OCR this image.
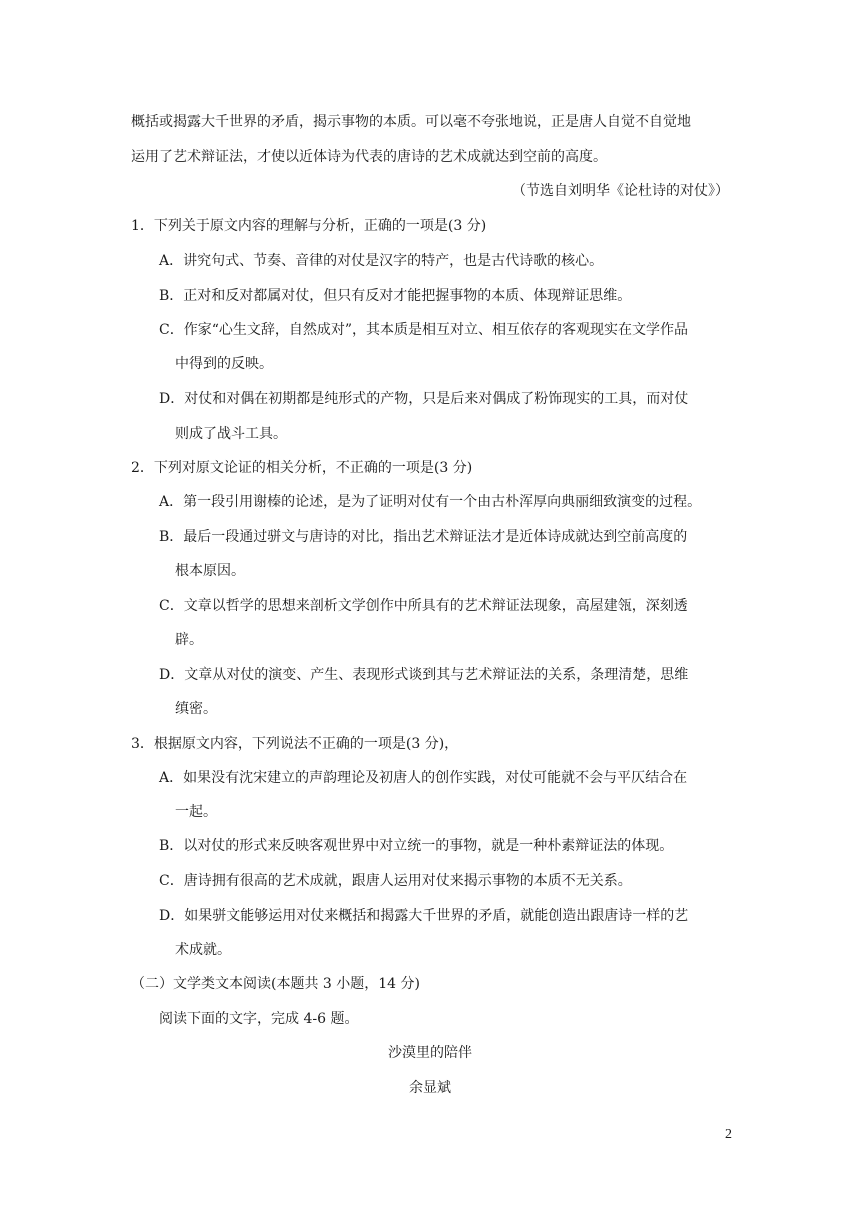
概括或揭露大千世界的矛盾，揭示事物的本质。可以毫不夸张地说，正是唐人自觉不自觉地
运用了艺术辩证法，才使以近体诗为代表的唐诗的艺术成就达到空前的高度。
（节选自刘明华《论杜诗的对仗》）
1．下列关于原文内容的理解与分析，正确的一项是(3 分)
A．讲究句式、节奏、音律的对仗是汉字的特产，也是古代诗歌的核心。
B．正对和反对都属对仗，但只有反对才能把握事物的本质、体现辩证思维。
C．作家“心生文辞，自然成对”，其本质是相互对立、相互依存的客观现实在文学作品
中得到的反映。
D．对仗和对偶在初期都是纯形式的产物，只是后来对偶成了粉饰现实的工具，而对仗
则成了战斗工具。
2．下列对原文论证的相关分析，不正确的一项是(3 分)
A．第一段引用谢榛的论述，是为了证明对仗有一个由古朴浑厚向典丽细致演变的过程。
B．最后一段通过骈文与唐诗的对比，指出艺术辩证法才是近体诗成就达到空前高度的
根本原因。
C．文章以哲学的思想来剖析文学创作中所具有的艺术辩证法现象，高屋建瓴，深刻透
辟。
D．文章从对仗的演变、产生、表现形式谈到其与艺术辩证法的关系，条理清楚，思维
缜密。
3．根据原文内容，下列说法不正确的一项是(3 分)，
A．如果没有沈宋建立的声韵理论及初唐人的创作实践，对仗可能就不会与平仄结合在
一起。
B．以对仗的形式来反映客观世界中对立统一的事物，就是一种朴素辩证法的体现。
C．唐诗拥有很高的艺术成就，跟唐人运用对仗来揭示事物的本质不无关系。
D．如果骈文能够运用对仗来概括和揭露大千世界的矛盾，就能创造出跟唐诗一样的艺
术成就。
（二）文学类文本阅读(本题共 3 小题，14 分)
阅读下面的文字，完成 4-6 题。
沙漠里的陪伴
余显斌
2
